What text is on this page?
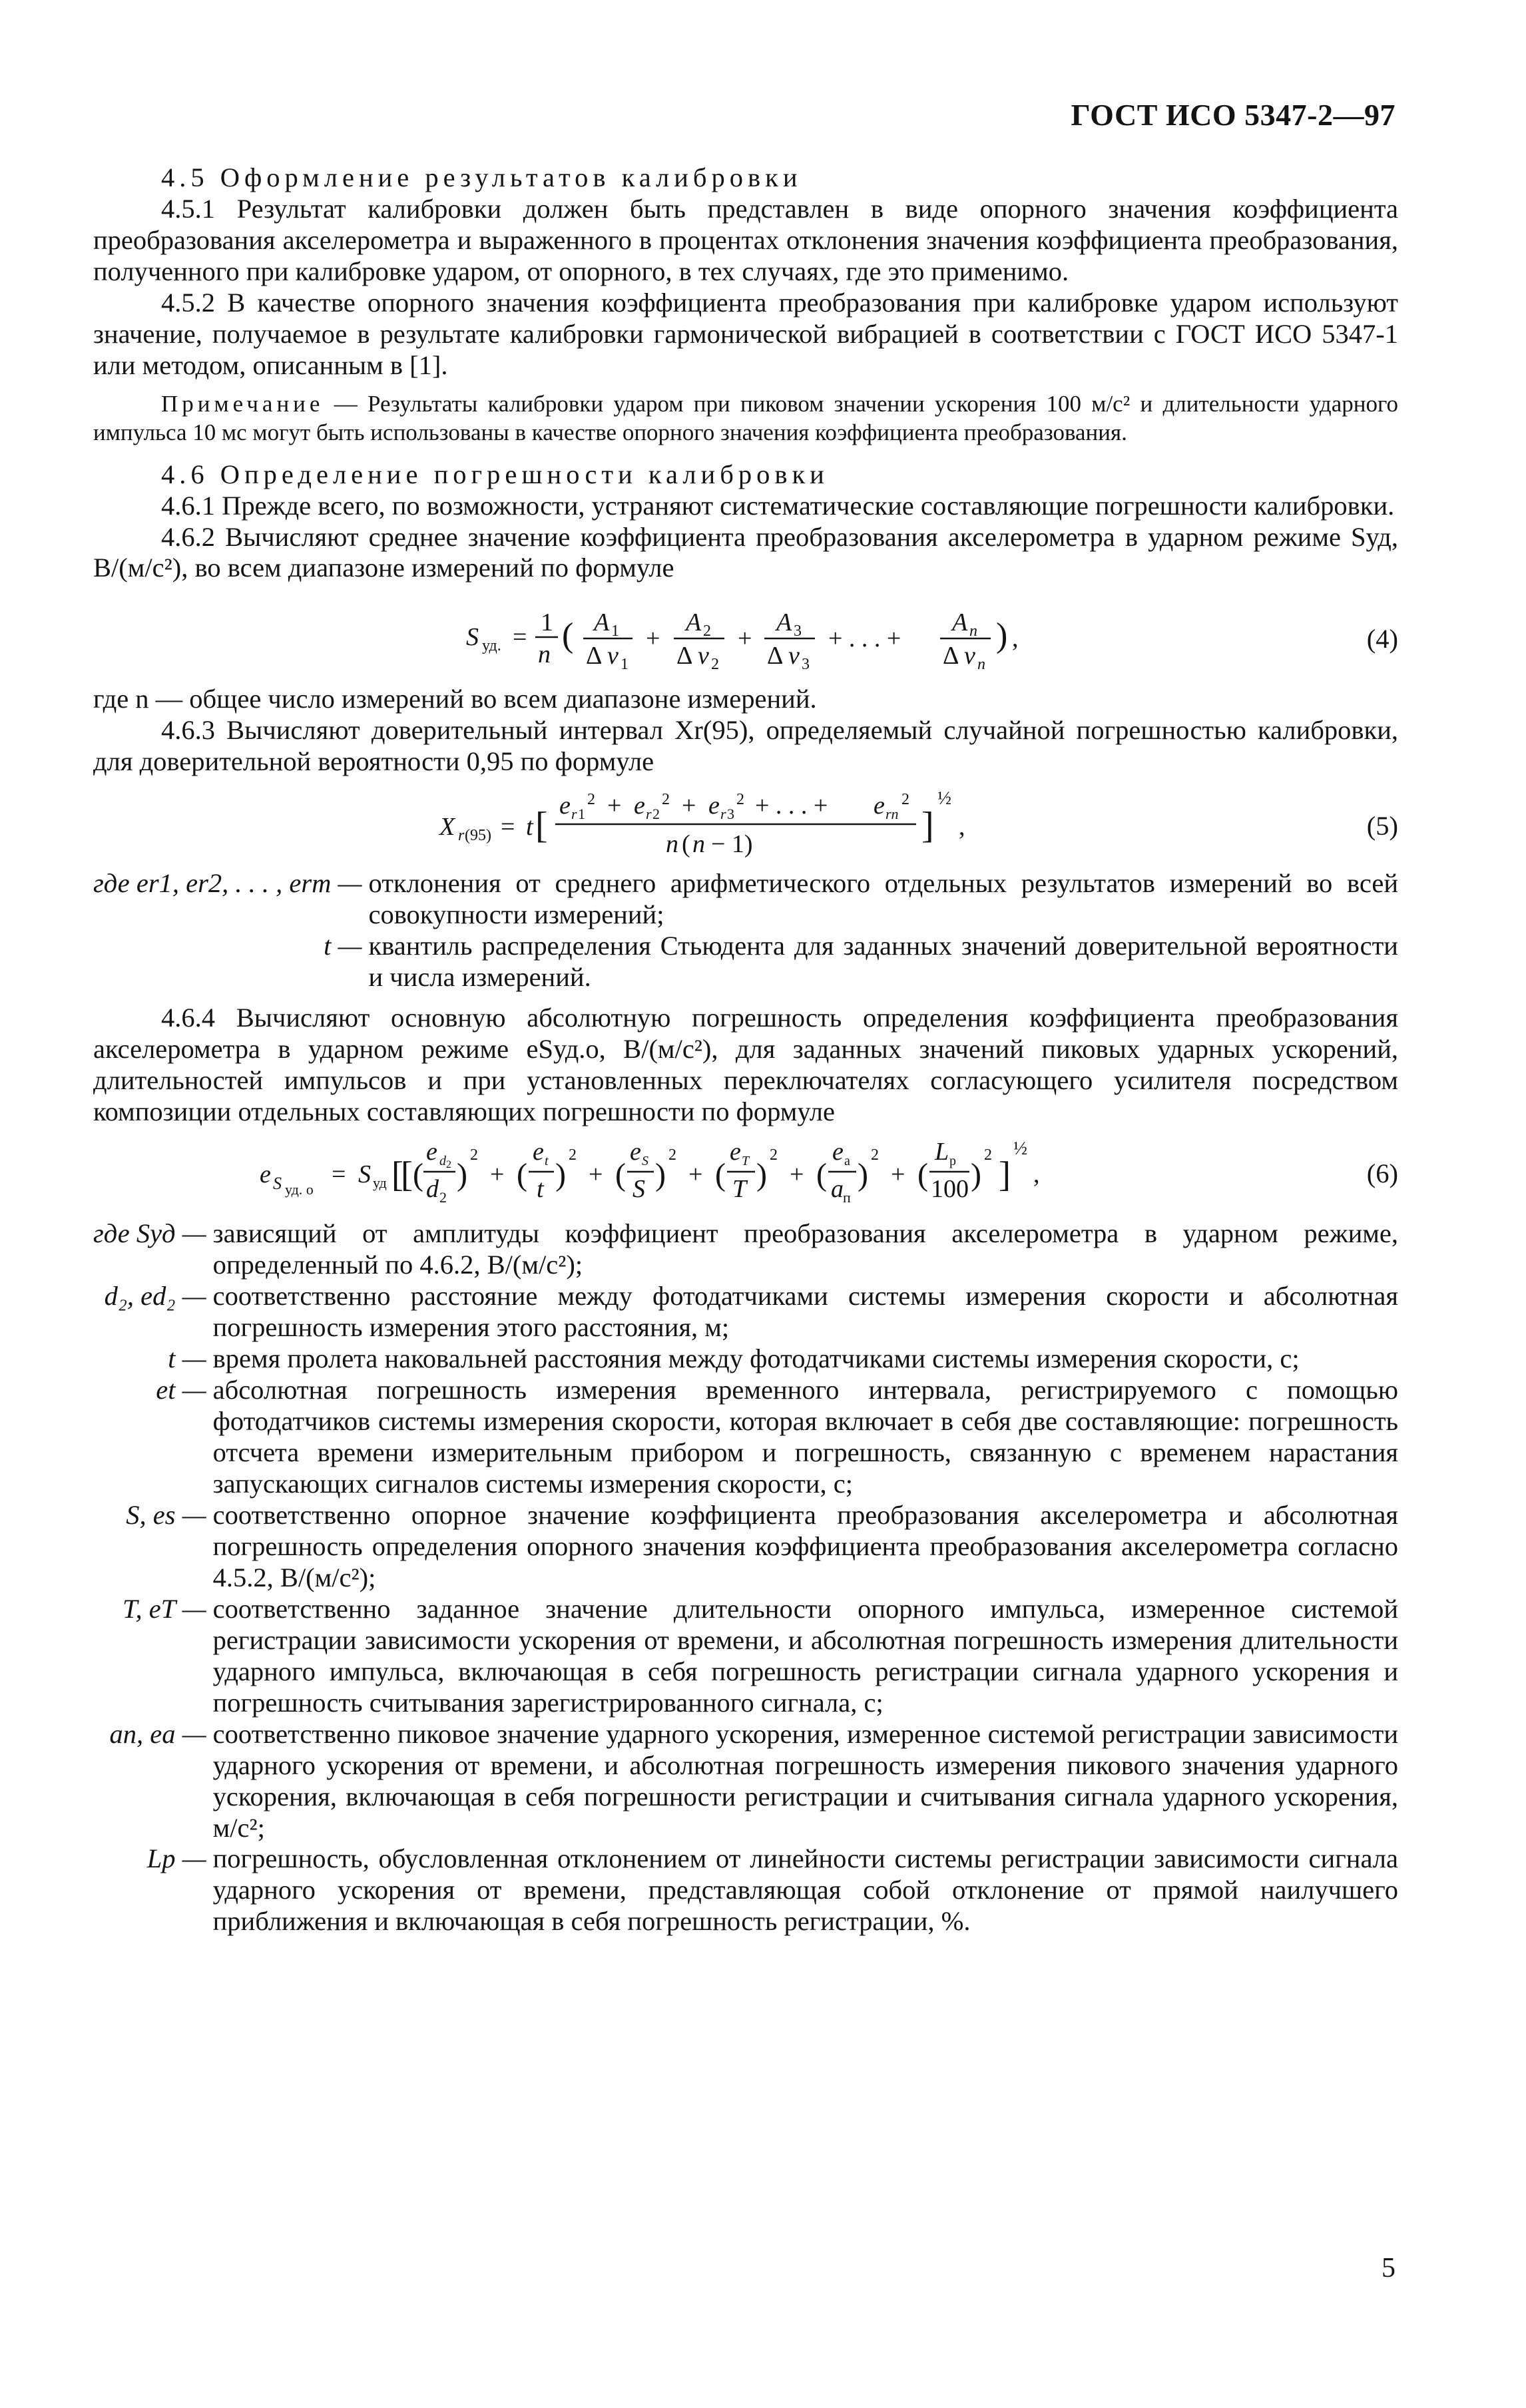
ГОСТ ИСО 5347-2—97

4.5 Оформление результатов калибровки

4.5.1 Результат калибровки должен быть представлен в виде опорного значения коэффициента преобразования акселерометра и выраженного в процентах отклонения значения коэффициента преобразования, полученного при калибровке ударом, от опорного, в тех случаях, где это применимо.

4.5.2 В качестве опорного значения коэффициента преобразования при калибровке ударом используют значение, получаемое в результате калибровки гармонической вибрацией в соответствии с ГОСТ ИСО 5347-1 или методом, описанным в [1].

Примечание — Результаты калибровки ударом при пиковом значении ускорения 100 м/с² и длительности ударного импульса 10 мс могут быть использованы в качестве опорного значения коэффициента преобразования.

4.6 Определение погрешности калибровки

4.6.1 Прежде всего, по возможности, устраняют систематические составляющие погрешности калибровки.

4.6.2 Вычисляют среднее значение коэффициента преобразования акселерометра в ударном режиме Sуд, В/(м/с²), во всем диапазоне измерений по формуле

S уд. =
1
n ( A 1
Δ v 1
+
A 2
Δ v 2
+
A 3
Δ v 3
+ . . . +
A n
Δ v n
) ,	(4)

где n — общее число измерений во всем диапазоне измерений.

4.6.3 Вычисляют доверительный интервал Xr(95), определяемый случайной погрешностью калибровки, для доверительной вероятности 0,95 по формуле

X r (95) = t [ e r 1
2 + e r 2
2 + e r 3
2 + . . . + e rn
2
n ( n − 1)	]
½
,	(5)
где er1, er2, . . . , erm — отклонения от среднего арифметического отдельных результатов измерений во всей совокупности измерений;
t — квантиль распределения Стьюдента для заданных значений доверительной вероятности и числа измерений.

4.6.4 Вычисляют основную абсолютную погрешность определения коэффициента преобразования акселерометра в ударном режиме eSуд.о, В/(м/с²), для заданных значений пиковых ударных ускорений, длительностей импульсов и при установленных переключателях согласующего усилителя посредством композиции отдельных составляющих погрешности по формуле

e S уд. о
= S уд [
[ (
e d 2
d 2
)
2
+ (
e t
t )
2
+ (
e S
S )
2
+ (
e T
T )
2
+ (
e a
a п
)
2
+ (
L р
100 )
2 ]
½
,	(6)
где Sуд — зависящий от амплитуды коэффициент преобразования акселерометра в ударном режиме, определенный по 4.6.2, В/(м/с²);
d₂, ed₂ — соответственно расстояние между фотодатчиками системы измерения скорости и абсолютная погрешность измерения этого расстояния, м;
t — время пролета наковальней расстояния между фотодатчиками системы измерения скорости, с;
et — абсолютная погрешность измерения временного интервала, регистрируемого с помощью фотодатчиков системы измерения скорости, которая включает в себя две составляющие: погрешность отсчета времени измерительным прибором и погрешность, связанную с временем нарастания запускающих сигналов системы измерения скорости, с;
S, es — соответственно опорное значение коэффициента преобразования акселерометра и абсолютная погрешность определения опорного значения коэффициента преобразования акселерометра согласно 4.5.2, В/(м/с²);
T, eT — соответственно заданное значение длительности опорного импульса, измеренное системой регистрации зависимости ускорения от времени, и абсолютная погрешность измерения длительности ударного импульса, включающая в себя погрешность регистрации сигнала ударного ускорения и погрешность считывания зарегистрированного сигнала, с;
aп, ea — соответственно пиковое значение ударного ускорения, измеренное системой регистрации зависимости ударного ускорения от времени, и абсолютная погрешность измерения пикового значения ударного ускорения, включающая в себя погрешности регистрации и считывания сигнала ударного ускорения, м/с²;
Lр — погрешность, обусловленная отклонением от линейности системы регистрации зависимости сигнала ударного ускорения от времени, представляющая собой отклонение от прямой наилучшего приближения и включающая в себя погрешность регистрации, %.
5
